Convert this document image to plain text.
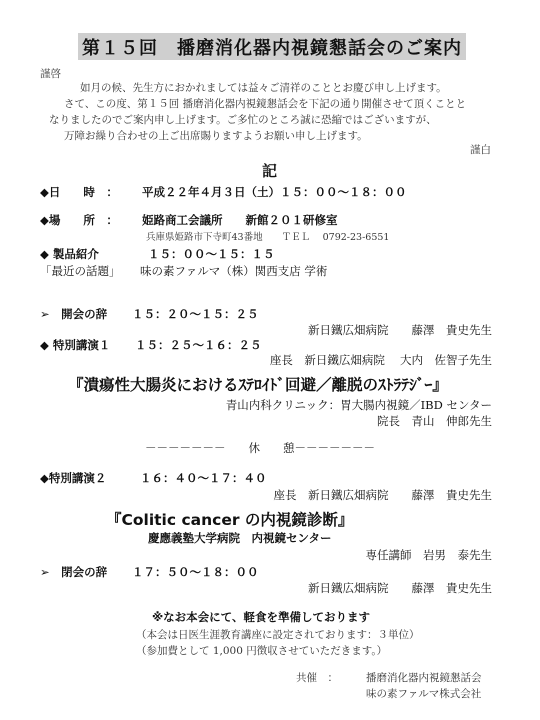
第１５回　播磨消化器内視鏡懇話会のご案内
謹啓
如月の候、先生方におかれましては益々ご清祥のこととお慶び申し上げます。
さて、この度、第１５回 播磨消化器内視鏡懇話会を下記の通り開催させて頂くことと
なりましたのでご案内申し上げます。ご多忙のところ誠に恐縮ではございますが、
万障お繰り合わせの上ご出席賜りますようお願い申し上げます。
謹白
記
◆日　　時　： 平成２２年４月３日（土）１５：００～１８：００
◆場　　所　： 姫路商工会議所　　新館２０１研修室
兵庫県姫路市下寺町43番地　　ＴＥＬ　 0792-23-6551
◆ 製品紹介	１５：００～１５：１５
「最近の話題」 味の素ファルマ（株）関西支店 学術
➢　開会の辞 １５：２０～１５：２５
新日鐵広畑病院　　藤澤　貴史先生
◆ 特別講演１ １５：２５～１６：２５
座長　新日鐵広畑病院　 大内　佐智子先生
『潰瘍性大腸炎におけるｽﾃﾛｲﾄﾞ回避／離脱のｽﾄﾗﾃｼﾞｰ』
青山内科クリニック：胃大腸内視鏡／IBD センター
院長　青山　伸郎先生
－－－－－－－　　休　　憩－－－－－－－
◆特別講演２	１６：４０～１７：４０
座長　新日鐵広畑病院　　藤澤　貴史先生
『Colitic cancer の内視鏡診断』
慶應義塾大学病院　内視鏡センター
専任講師　岩男　泰先生
➢　閉会の辞 １７：５０～１８：００
新日鐵広畑病院　　藤澤　貴史先生
※なお本会にて、軽食を準備しております
（本会は日医生涯教育講座に設定されております：３単位）
（参加費として 1,000 円徴収させていただきます。）
共催　：	播磨消化器内視鏡懇話会
味の素ファルマ株式会社
